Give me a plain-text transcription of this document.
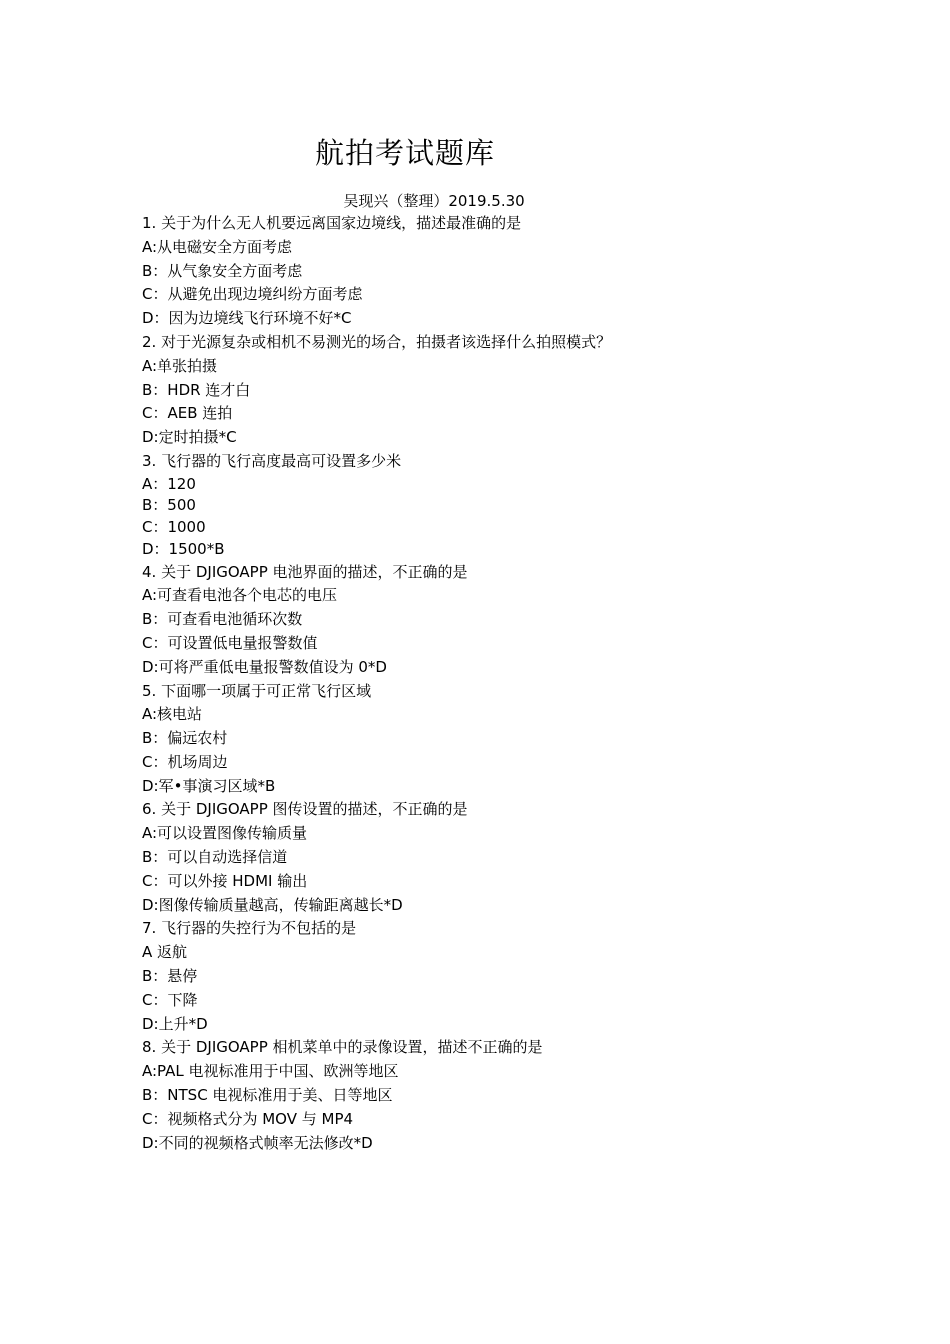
航拍考试题库

吴现兴（整理）2019.5.30

1. 关于为什么无人机要远离国家边境线，描述最准确的是

A:从电磁安全方面考虑

B：从气象安全方面考虑

C：从避免出现边境纠纷方面考虑

D：因为边境线飞行环境不好*C

2. 对于光源复杂或相机不易测光的场合，拍摄者该选择什么拍照模式？

A:单张拍摄

B：HDR 连才白

C：AEB 连拍

D:定时拍摄*C

3. 飞行器的飞行高度最高可设置多少米

A：120

B：500

C：1000

D：1500*B

4. 关于 DJIGOAPP 电池界面的描述，不正确的是

A:可查看电池各个电芯的电压

B：可查看电池循环次数

C：可设置低电量报警数值

D:可将严重低电量报警数值设为 0*D

5. 下面哪一项属于可正常飞行区域

A:核电站

B：偏远农村

C：机场周边

D:军•事演习区域*B

6. 关于 DJIGOAPP 图传设置的描述，不正确的是

A:可以设置图像传输质量

B：可以自动选择信道

C：可以外接 HDMI 输出

D:图像传输质量越高，传输距离越长*D

7. 飞行器的失控行为不包括的是

A 返航

B：悬停

C：下降

D:上升*D

8. 关于 DJIGOAPP 相机菜单中的录像设置，描述不正确的是

A:PAL 电视标准用于中国、欧洲等地区

B：NTSC 电视标准用于美、日等地区

C：视频格式分为 MOV 与 MP4

D:不同的视频格式帧率无法修改*D
